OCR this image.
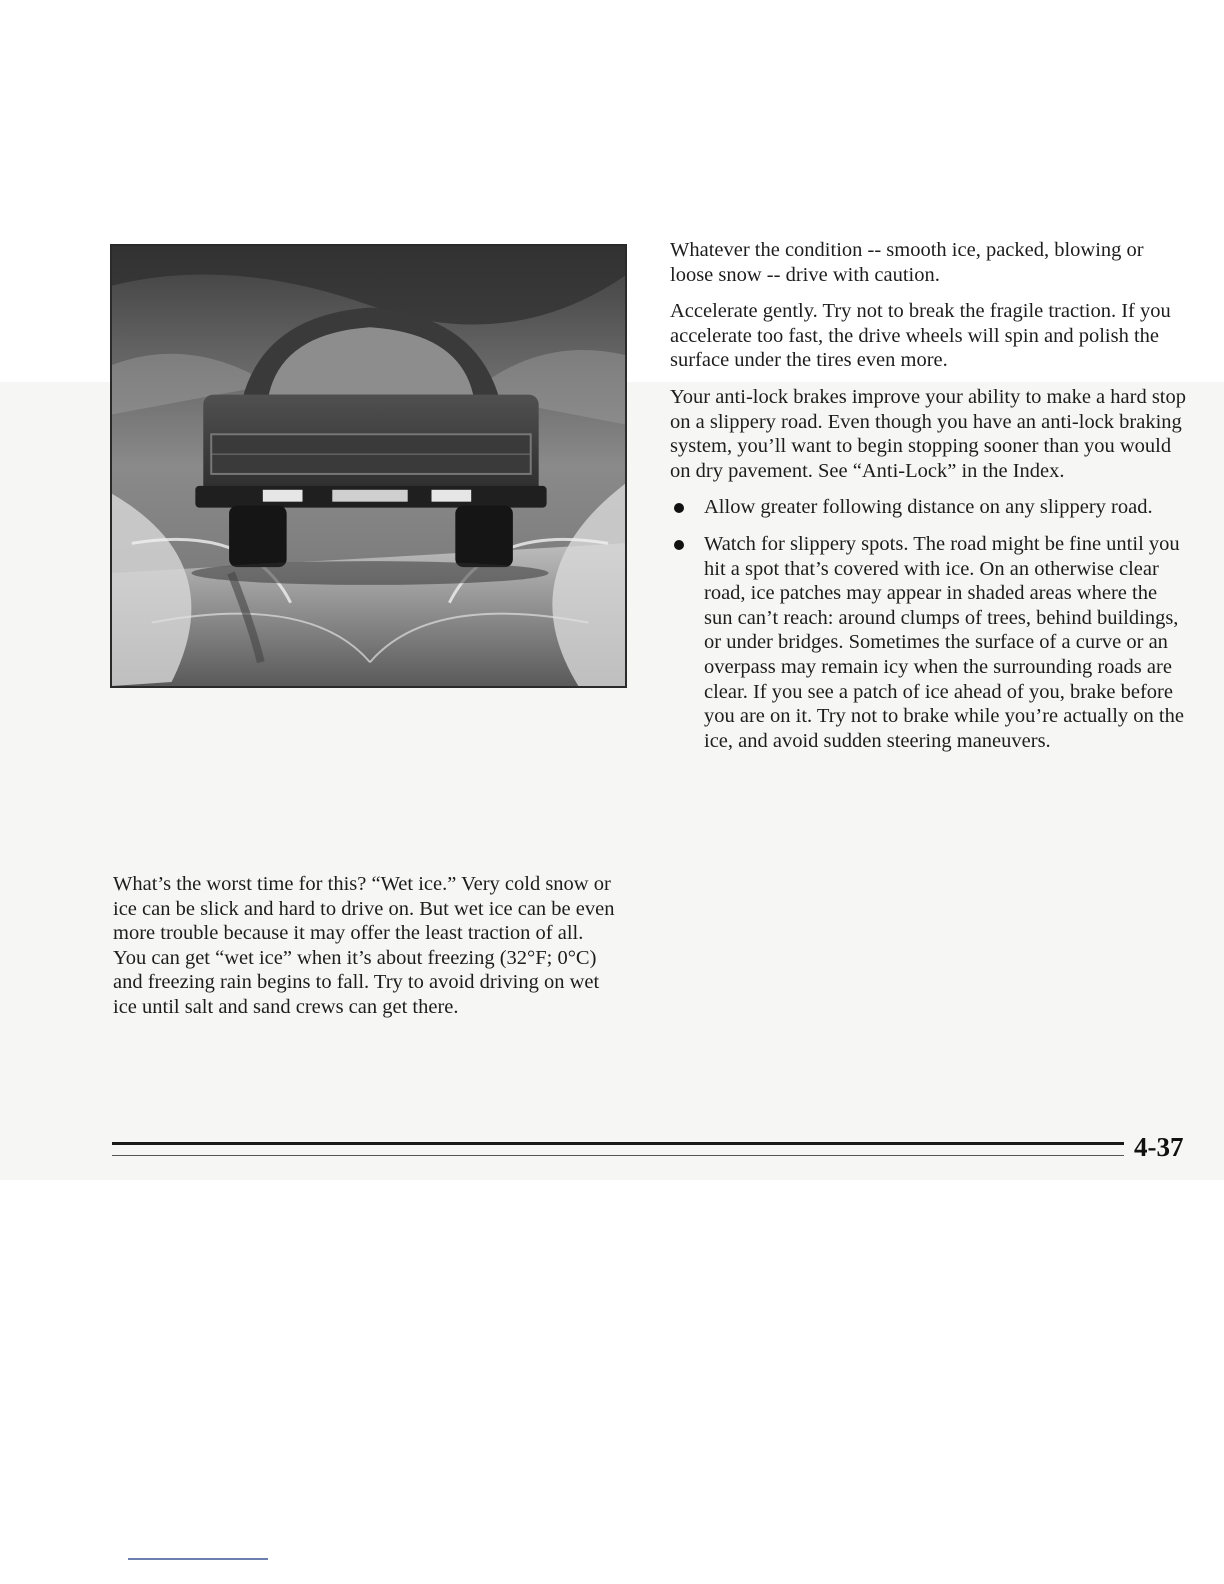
What’s the worst time for this? “Wet ice.” Very cold snow or ice can be slick and hard to drive on. But wet ice can be even more trouble because it may offer the least traction of all. You can get “wet ice” when it’s about freezing (32°F; 0°C) and freezing rain begins to fall. Try to avoid driving on wet ice until salt and sand crews can get there.

Whatever the condition -- smooth ice, packed, blowing or loose snow -- drive with caution.

Accelerate gently. Try not to break the fragile traction. If you accelerate too fast, the drive wheels will spin and polish the surface under the tires even more.

Your anti-lock brakes improve your ability to make a hard stop on a slippery road. Even though you have an anti-lock braking system, you’ll want to begin stopping sooner than you would on dry pavement. See “Anti-Lock” in the Index.

Allow greater following distance on any slippery road.
Watch for slippery spots. The road might be fine until you hit a spot that’s covered with ice. On an otherwise clear road, ice patches may appear in shaded areas where the sun can’t reach: around clumps of trees, behind buildings, or under bridges. Sometimes the surface of a curve or an overpass may remain icy when the surrounding roads are clear. If you see a patch of ice ahead of you, brake before you are on it. Try not to brake while you’re actually on the ice, and avoid sudden steering maneuvers.
4-37
